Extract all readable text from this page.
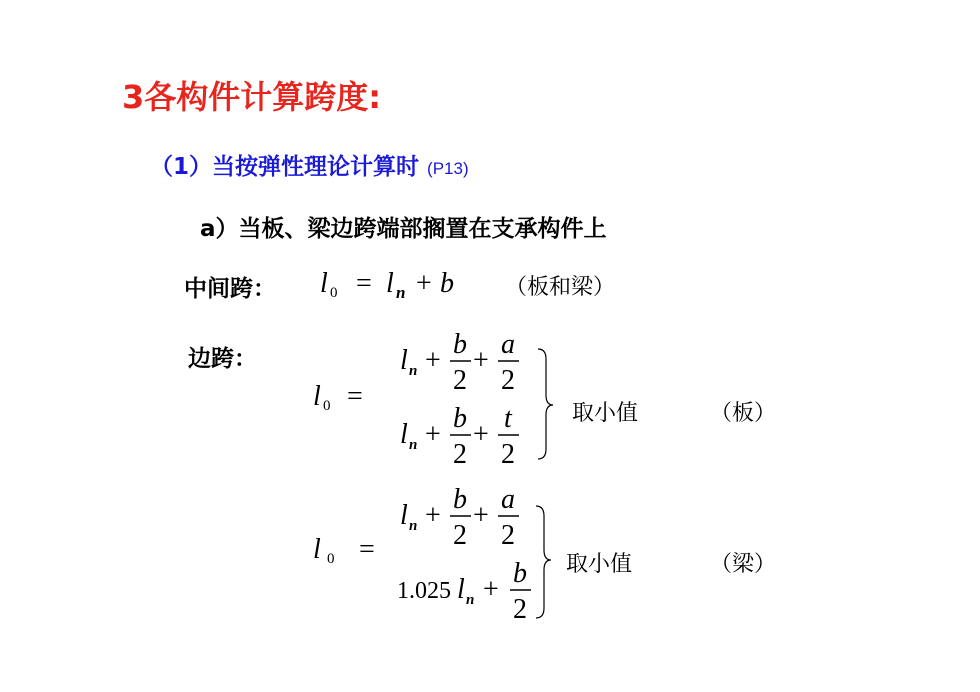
3各构件计算跨度:
（1）当按弹性理论计算时 (P13)
a）当板、梁边跨端部搁置在支承构件上
中间跨： l 0 = l n + b （板和梁）
边跨：
l 0 =
l n +
b
2
+
a
2
l n +
b
2
+
t
2
取小值	（板）
l 0 =
l n +
b
2
+
a
2
1.025 l n +
b
2
取小值	（梁）
